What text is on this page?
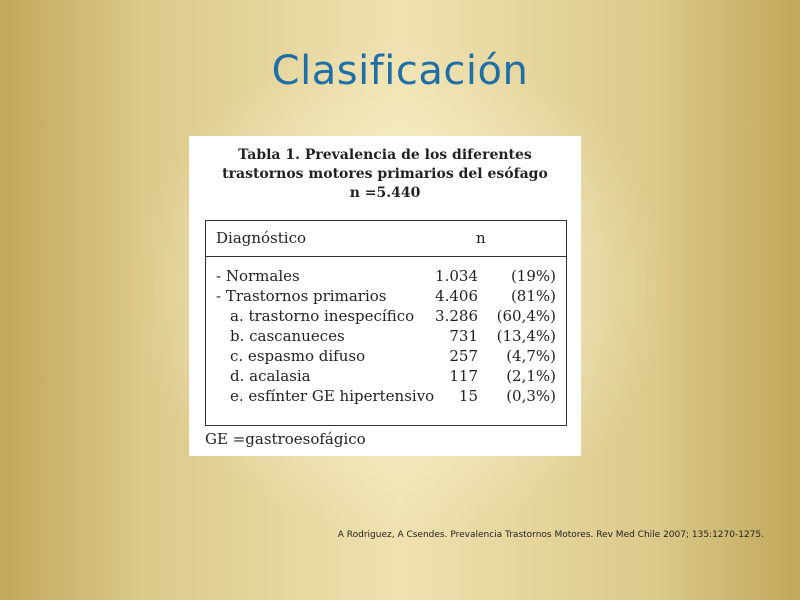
Clasificación
Tabla 1. Prevalencia de los diferentes
trastornos motores primarios del esófago
n =5.440
Diagnóstico	n
- Normales	1.034 (19%)
- Trastornos primarios	4.406 (81%)
a. trastorno inespecífico 3.286 (60,4%)
b. cascanueces	731 (13,4%)
c. espasmo difuso	257 (4,7%)
d. acalasia	117 (2,1%)
e. esfínter GE hipertensivo 15 (0,3%)
GE =gastroesofágico
A Rodriguez, A Csendes. Prevalencia Trastornos Motores. Rev Med Chile 2007; 135:1270-1275.
